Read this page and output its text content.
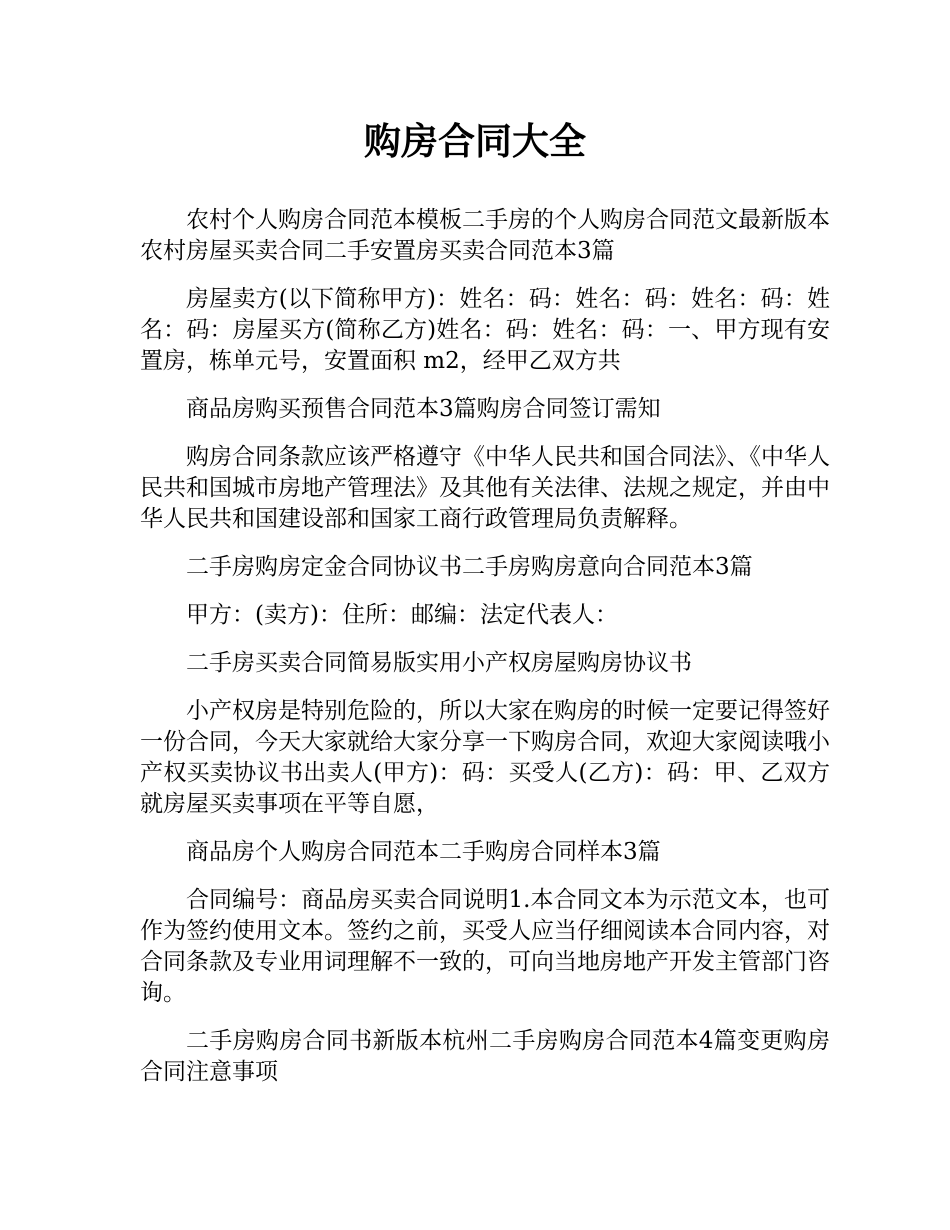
购房合同大全

农村个人购房合同范本模板二手房的个人购房合同范文最新版本农村房屋买卖合同二手安置房买卖合同范本3篇

房屋卖方(以下简称甲方)：姓名：码：姓名：码：姓名：码：姓名：码：房屋买方(简称乙方)姓名：码：姓名：码：一、甲方现有安置房，栋单元号，安置面积 m2，经甲乙双方共

商品房购买预售合同范本3篇购房合同签订需知

购房合同条款应该严格遵守《中华人民共和国合同法》、《中华人民共和国城市房地产管理法》及其他有关法律、法规之规定，并由中华人民共和国建设部和国家工商行政管理局负责解释。

二手房购房定金合同协议书二手房购房意向合同范本3篇

甲方：(卖方)：住所：邮编：法定代表人：

二手房买卖合同简易版实用小产权房屋购房协议书

小产权房是特别危险的，所以大家在购房的时候一定要记得签好一份合同，今天大家就给大家分享一下购房合同，欢迎大家阅读哦小产权买卖协议书出卖人(甲方)：码：买受人(乙方)：码：甲、乙双方就房屋买卖事项在平等自愿，

商品房个人购房合同范本二手购房合同样本3篇

合同编号：商品房买卖合同说明1.本合同文本为示范文本，也可作为签约使用文本。签约之前，买受人应当仔细阅读本合同内容，对合同条款及专业用词理解不一致的，可向当地房地产开发主管部门咨询。

二手房购房合同书新版本杭州二手房购房合同范本4篇变更购房合同注意事项
